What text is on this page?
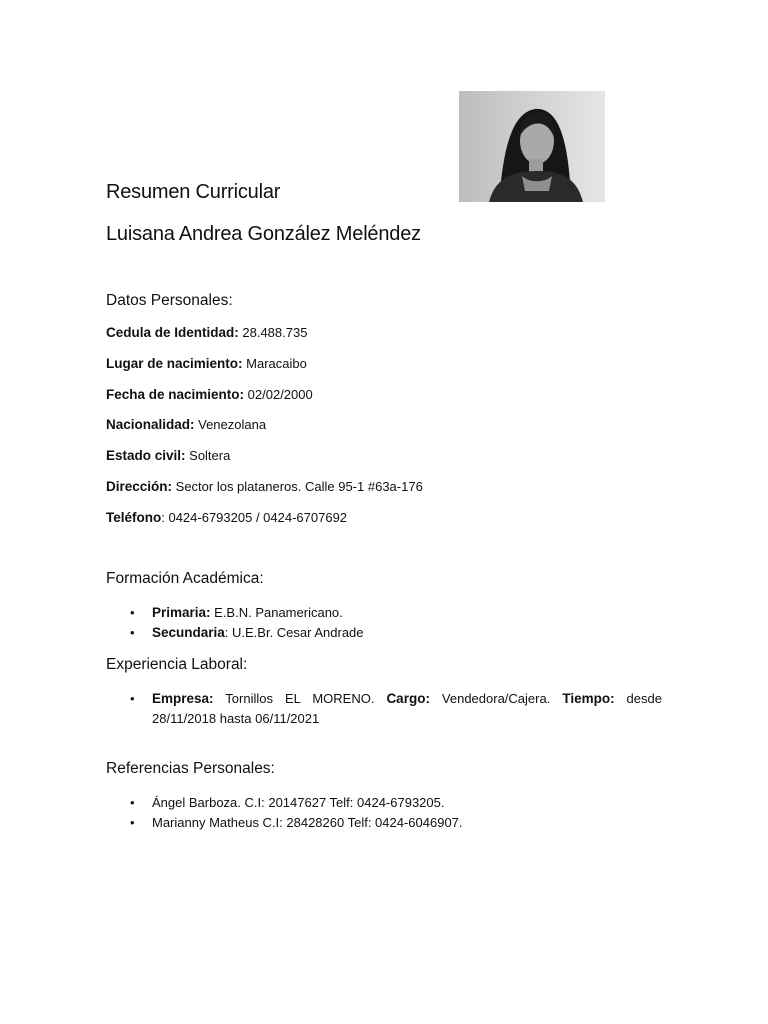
Resumen Curricular
Luisana Andrea González Meléndez
Datos Personales:
Cedula de Identidad: 28.488.735
Lugar de nacimiento: Maracaibo
Fecha de nacimiento: 02/02/2000
Nacionalidad: Venezolana
Estado civil: Soltera
Dirección: Sector los plataneros. Calle 95-1 #63a-176
Teléfono: 0424-6793205 / 0424-6707692
Formación Académica:
• Primaria: E.B.N. Panamericano.
• Secundaria: U.E.Br. Cesar Andrade
Experiencia Laboral:
• Empresa: Tornillos EL MORENO. Cargo: Vendedora/Cajera. Tiempo: desde 28/11/2018 hasta 06/11/2021
Referencias Personales:
• Ángel Barboza. C.I: 20147627 Telf: 0424-6793205.
• Marianny Matheus C.I: 28428260 Telf: 0424-6046907.
